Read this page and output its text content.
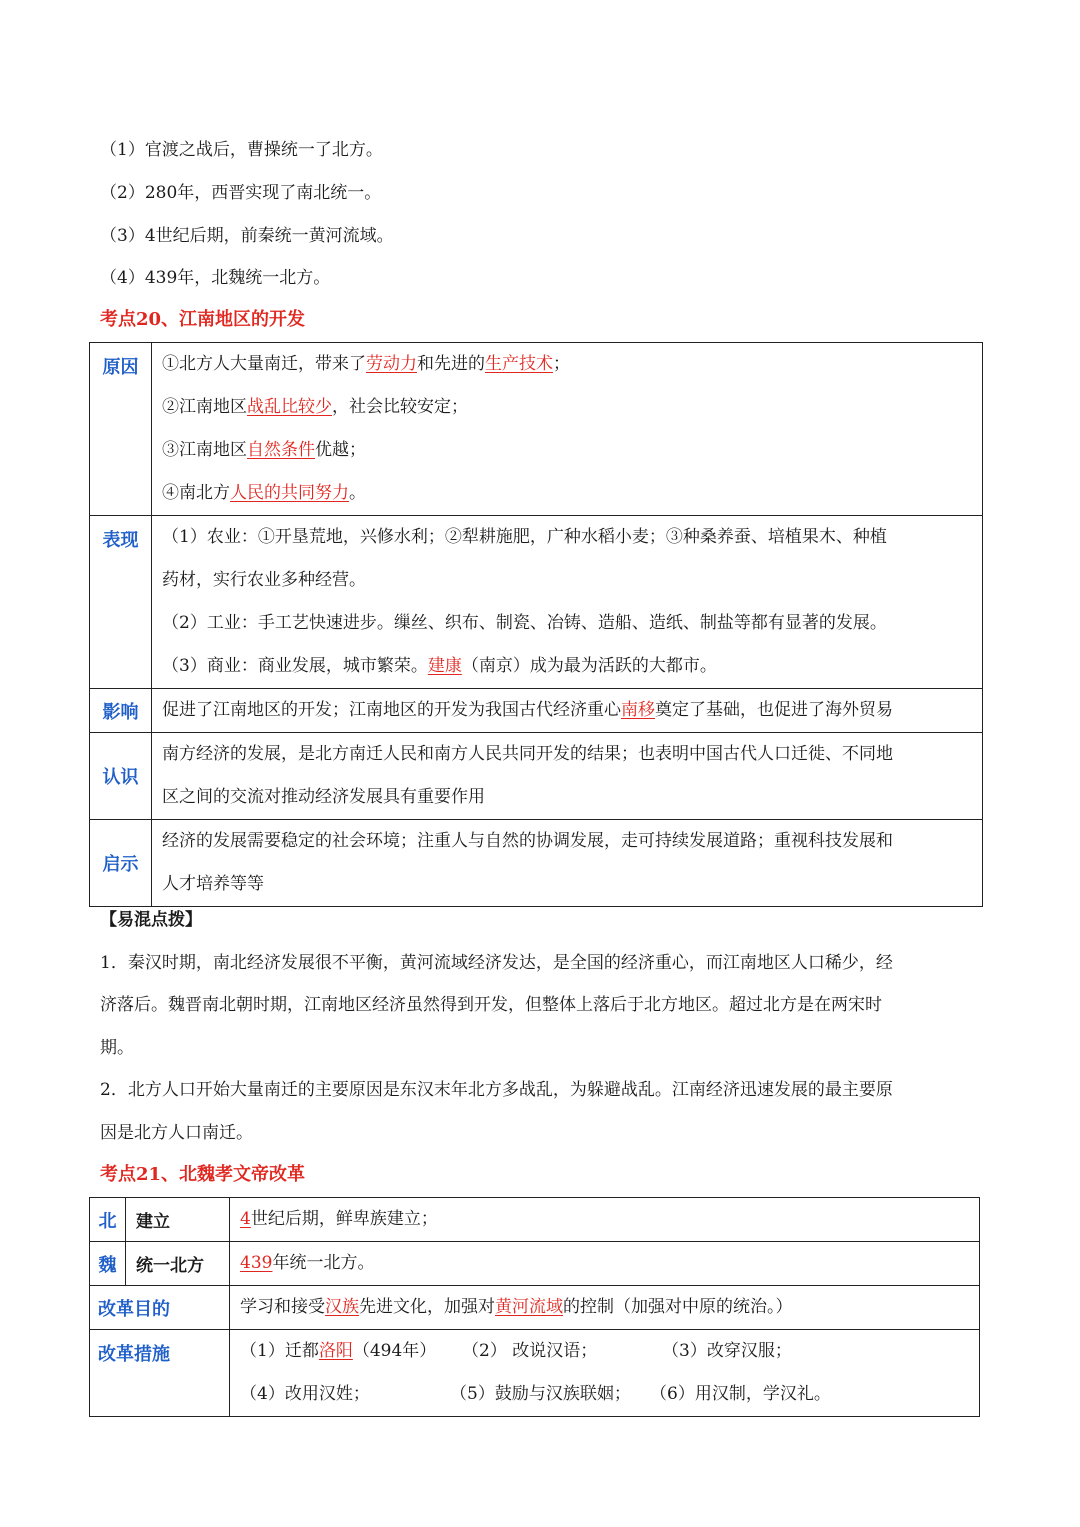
（1）官渡之战后，曹操统一了北方。
（2）280年，西晋实现了南北统一。
（3）4世纪后期，前秦统一黄河流域。
（4）439年，北魏统一北方。
考点20、江南地区的开发
原因	①北方人大量南迁，带来了劳动力和先进的生产技术；
②江南地区战乱比较少，社会比较安定；
③江南地区自然条件优越；
④南北方人民的共同努力。

表现	（1）农业：①开垦荒地，兴修水利；②犁耕施肥，广种水稻小麦；③种桑养蚕、培植果木、种植
药材，实行农业多种经营。
（2）工业：手工艺快速进步。缫丝、织布、制瓷、冶铸、造船、造纸、制盐等都有显著的发展。
（3）商业：商业发展，城市繁荣。建康（南京）成为最为活跃的大都市。

影响	促进了江南地区的开发；江南地区的开发为我国古代经济重心南移奠定了基础，也促进了海外贸易

认识	南方经济的发展，是北方南迁人民和南方人民共同开发的结果；也表明中国古代人口迁徙、不同地
区之间的交流对推动经济发展具有重要作用

启示	经济的发展需要稳定的社会环境；注重人与自然的协调发展，走可持续发展道路；重视科技发展和
人才培养等等
【易混点拨】
1．秦汉时期，南北经济发展很不平衡，黄河流域经济发达，是全国的经济重心，而江南地区人口稀少，经
济落后。魏晋南北朝时期，江南地区经济虽然得到开发，但整体上落后于北方地区。超过北方是在两宋时
期。
2．北方人口开始大量南迁的主要原因是东汉末年北方多战乱，为躲避战乱。江南经济迅速发展的最主要原
因是北方人口南迁。
考点21、北魏孝文帝改革
北	建立	4世纪后期，鲜卑族建立；

魏	统一北方	439年统一北方。

改革目的		学习和接受汉族先进文化，加强对黄河流域的控制（加强对中原的统治。）

改革措施		（1）迁都洛阳（494年） （2） 改说汉语； （3）改穿汉服；
（4）改用汉姓； （5）鼓励与汉族联姻； （6）用汉制，学汉礼。
